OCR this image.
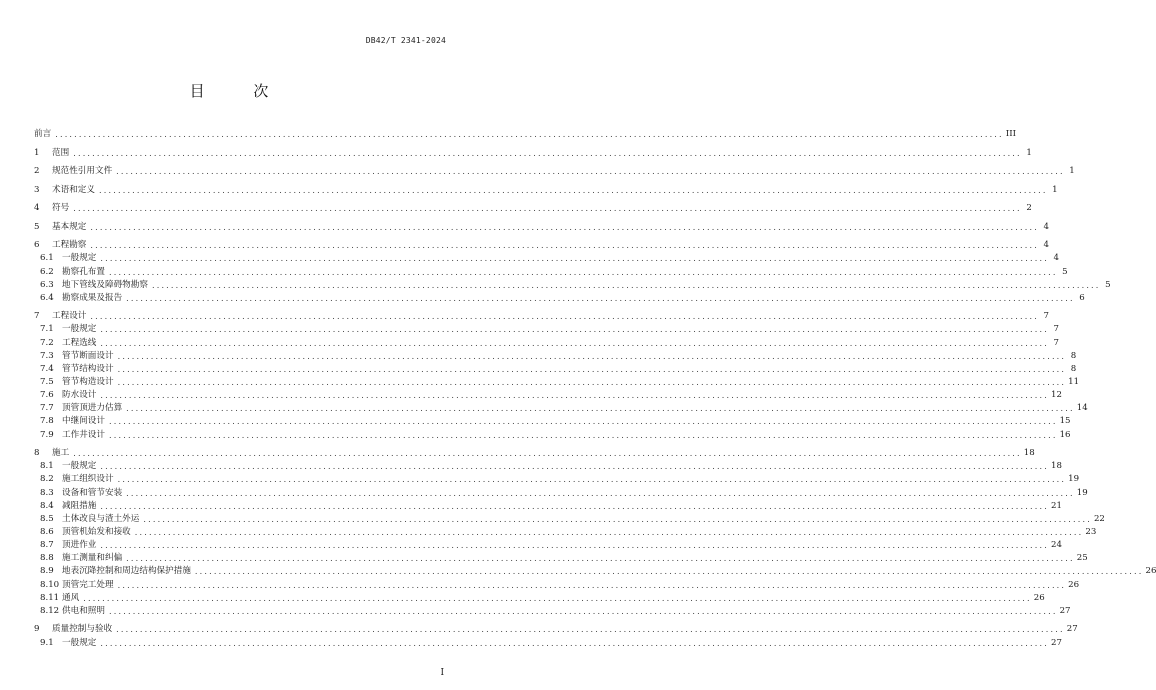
DB42/T 2341-2024
目 次
前言 ........................................................................................................................................................................................................ III
1	范围 ........................................................................................................................................................................................................ 1
2	规范性引用文件 ........................................................................................................................................................................................................ 1
3	术语和定义 ........................................................................................................................................................................................................ 1
4	符号 ........................................................................................................................................................................................................ 2
5	基本规定 ........................................................................................................................................................................................................ 4
6	工程勘察 ........................................................................................................................................................................................................ 4
6.1 一般规定 ........................................................................................................................................................................................................ 4
6.2 勘察孔布置 ........................................................................................................................................................................................................ 5
6.3 地下管线及障碍物勘察 ........................................................................................................................................................................................................ 5
6.4 勘察成果及报告 ........................................................................................................................................................................................................ 6
7	工程设计 ........................................................................................................................................................................................................ 7
7.1 一般规定 ........................................................................................................................................................................................................ 7
7.2 工程选线 ........................................................................................................................................................................................................ 7
7.3 管节断面设计 ........................................................................................................................................................................................................ 8
7.4 管节结构设计 ........................................................................................................................................................................................................ 8
7.5 管节构造设计 ........................................................................................................................................................................................................ 11
7.6 防水设计 ........................................................................................................................................................................................................ 12
7.7 顶管顶进力估算 ........................................................................................................................................................................................................ 14
7.8 中继间设计 ........................................................................................................................................................................................................ 15
7.9 工作井设计 ........................................................................................................................................................................................................ 16
8	施工 ........................................................................................................................................................................................................ 18
8.1 一般规定 ........................................................................................................................................................................................................ 18
8.2 施工组织设计 ........................................................................................................................................................................................................ 19
8.3 设备和管节安装 ........................................................................................................................................................................................................ 19
8.4 减阻措施 ........................................................................................................................................................................................................ 21
8.5 土体改良与渣土外运 ........................................................................................................................................................................................................ 22
8.6 顶管机始发和接收 ........................................................................................................................................................................................................ 23
8.7 顶进作业 ........................................................................................................................................................................................................ 24
8.8 施工测量和纠偏 ........................................................................................................................................................................................................ 25
8.9 地表沉降控制和周边结构保护措施 ........................................................................................................................................................................................................ 26
8.10 顶管完工处理 ........................................................................................................................................................................................................ 26
8.11 通风 ........................................................................................................................................................................................................ 26
8.12 供电和照明 ........................................................................................................................................................................................................ 27
9	质量控制与验收 ........................................................................................................................................................................................................ 27
9.1 一般规定 ........................................................................................................................................................................................................ 27
I
